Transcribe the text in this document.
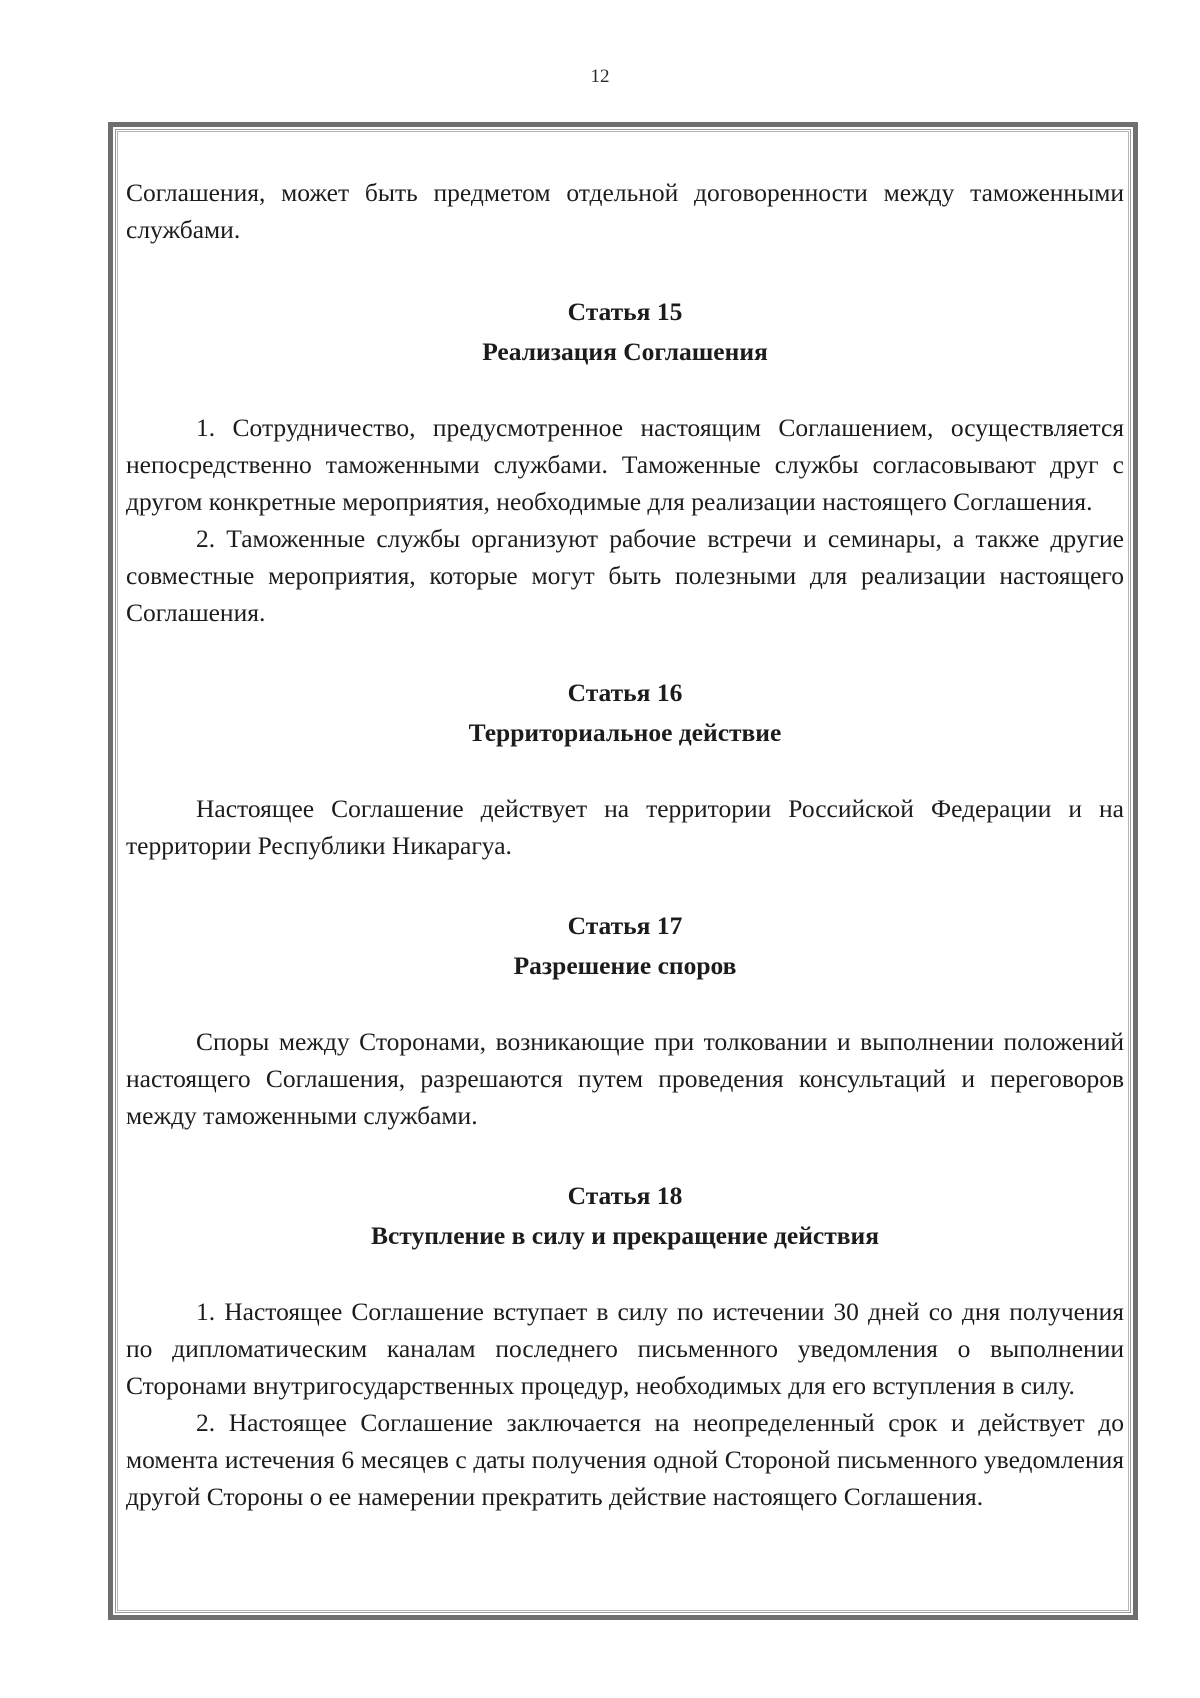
12

Соглашения, может быть предметом отдельной договоренности между таможенными службами.

Статья 15
Реализация Соглашения

1. Сотрудничество, предусмотренное настоящим Соглашением, осуществляется непосредственно таможенными службами. Таможенные службы согласовывают друг с другом конкретные мероприятия, необходимые для реализации настоящего Соглашения.

2. Таможенные службы организуют рабочие встречи и семинары, а также другие совместные мероприятия, которые могут быть полезными для реализации настоящего Соглашения.

Статья 16
Территориальное действие

Настоящее Соглашение действует на территории Российской Федерации и на территории Республики Никарагуа.

Статья 17
Разрешение споров

Споры между Сторонами, возникающие при толковании и выполнении положений настоящего Соглашения, разрешаются путем проведения консультаций и переговоров между таможенными службами.

Статья 18
Вступление в силу и прекращение действия

1. Настоящее Соглашение вступает в силу по истечении 30 дней со дня получения по дипломатическим каналам последнего письменного уведомления о выполнении Сторонами внутригосударственных процедур, необходимых для его вступления в силу.

2. Настоящее Соглашение заключается на неопределенный срок и действует до момента истечения 6 месяцев с даты получения одной Стороной письменного уведомления другой Стороны о ее намерении прекратить действие настоящего Соглашения.
